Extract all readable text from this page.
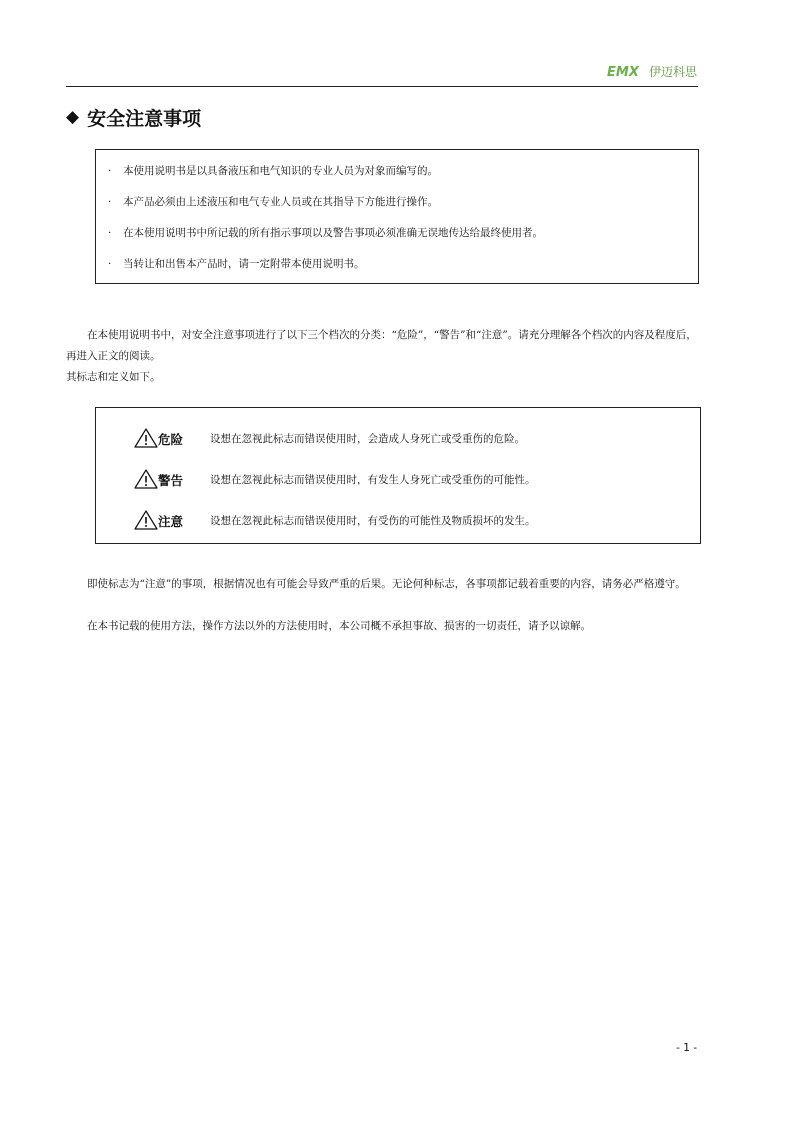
EMX 伊迈科思
◆ 安全注意事项
·	本使用说明书是以具备液压和电气知识的专业人员为对象而编写的。
·	本产品必须由上述液压和电气专业人员或在其指导下方能进行操作。
·	在本使用说明书中所记载的所有指示事项以及警告事项必须准确无误地传达给最终使用者。
·	当转让和出售本产品时，请一定附带本使用说明书。
在本使用说明书中，对安全注意事项进行了以下三个档次的分类：“危险”，“警告”和“注意”。请充分理解各个档次的内容及程度后，再进入正文的阅读。
其标志和定义如下。
危险	设想在忽视此标志而错误使用时，会造成人身死亡或受重伤的危险。
警告	设想在忽视此标志而错误使用时，有发生人身死亡或受重伤的可能性。
注意	设想在忽视此标志而错误使用时，有受伤的可能性及物质损坏的发生。
即使标志为“注意”的事项，根据情况也有可能会导致严重的后果。无论何种标志，各事项都记载着重要的内容，请务必严格遵守。
在本书记载的使用方法，操作方法以外的方法使用时，本公司概不承担事故、损害的一切责任，请予以谅解。
- 1 -
